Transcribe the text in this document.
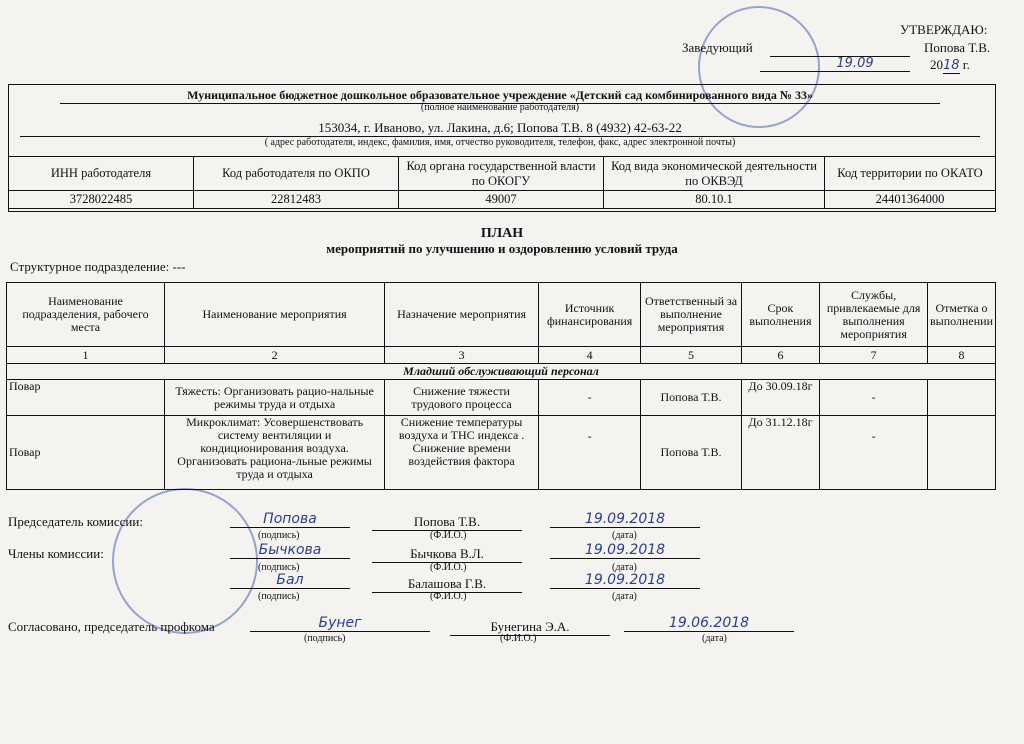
УТВЕРЖДАЮ:
Заведующий	Попова Т.В.
19.09	2018 г.
Муниципальное бюджетное дошкольное образовательное учреждение «Детский сад комбинированного вида № 33»
(полное наименование работодателя)
153034, г. Иваново, ул. Лакина, д.6; Попова Т.В. 8 (4932) 42-63-22
( адрес работодателя, индекс, фамилия, имя, отчество руководителя, телефон, факс, адрес электронной почты)
ИНН работодателя	Код работодателя по ОКПО	Код органа государственной власти по ОКОГУ	Код вида экономической деятельности по ОКВЭД	Код территории по ОКАТО
3728022485	22812483	49007	80.10.1	24401364000
ПЛАН
мероприятий по улучшению и оздоровлению условий труда
Структурное подразделение: ---
Наименование подразделения, рабочего места	Наименование мероприятия	Назначение мероприятия	Источник финансирования	Ответственный за выполнение мероприятия	Срок выполнения	Службы, привлекаемые для выполнения мероприятия	Отметка о выполнении
1	2	3	4	5	6	7	8
Младший обслуживающий персонал							
Повар	Тяжесть: Организовать рацио-нальные режимы труда и отдыха	Снижение тяжести трудового процесса	-	Попова Т.В.	До 30.09.18г	-	
Повар	Микроклимат: Усовершенствовать систему вентиляции и кондиционирования воздуха. Организовать рациона-льные режимы труда и отдыха	Снижение температуры воздуха и ТНС индекса . Снижение времени воздействия фактора	-	Попова Т.В.	До 31.12.18г	-	
Председатель комиссии:	Попова	Попова Т.В.	19.09.2018
(подпись)	(Ф.И.О.)	(дата)
Члены комиссии:	Бычкова	Бычкова В.Л.	19.09.2018
(подпись)	(Ф.И.О.)	(дата)
Бал	Балашова Г.В.	19.09.2018
(подпись)	(Ф.И.О.)	(дата)
Согласовано, председатель профкома	Бунег	Бунегина Э.А.	19.06.2018
(подпись)	(Ф.И.О.)	(дата)
